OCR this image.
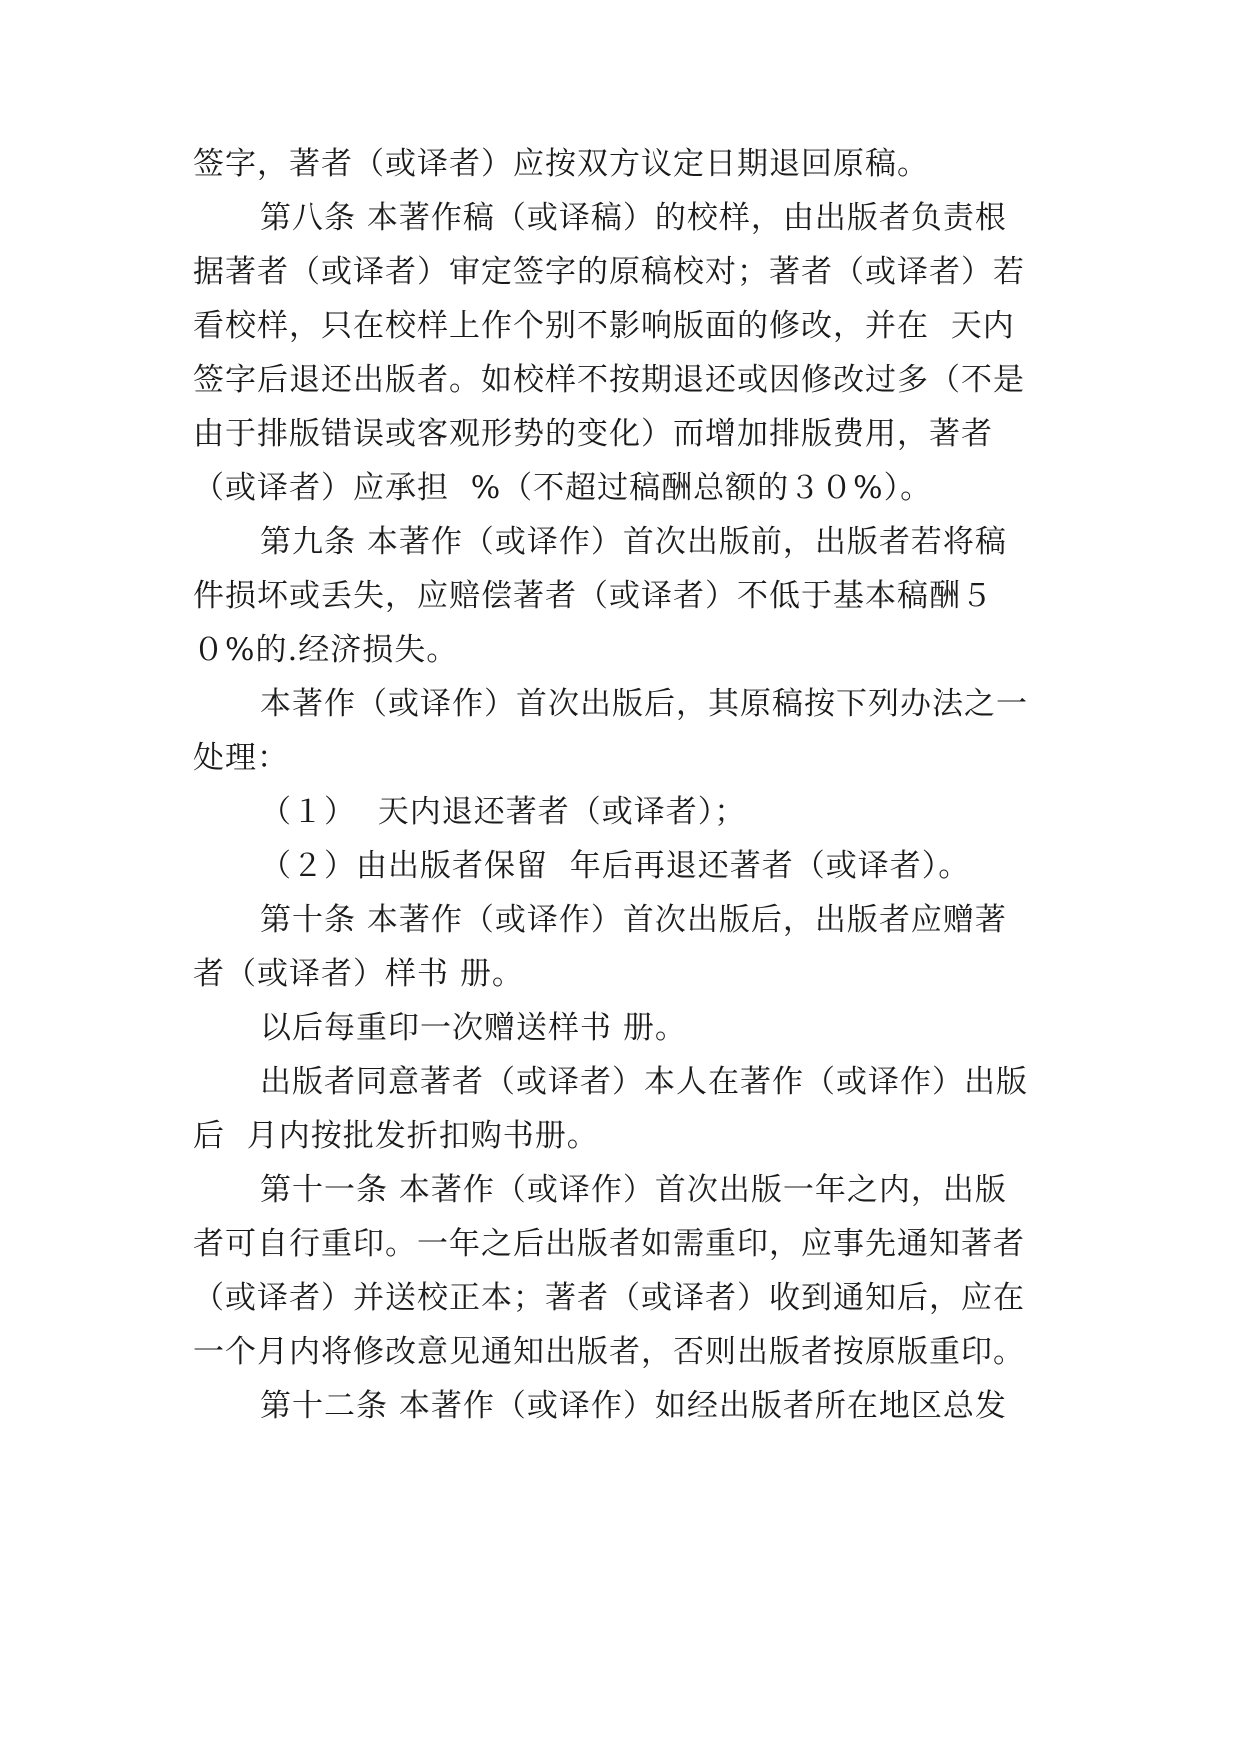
签字，著者（或译者）应按双方议定日期退回原稿。
第八条 本著作稿（或译稿）的校样，由出版者负责根
据著者（或译者）审定签字的原稿校对；著者（或译者）若
看校样，只在校样上作个别不影响版面的修改，并在  天内
签字后退还出版者。如校样不按期退还或因修改过多（不是
由于排版错误或客观形势的变化）而增加排版费用，著者
（或译者）应承担  %（不超过稿酬总额的３０%）。
第九条 本著作（或译作）首次出版前，出版者若将稿
件损坏或丢失，应赔偿著者（或译者）不低于基本稿酬５
０%的.经济损失。
本著作（或译作）首次出版后，其原稿按下列办法之一
处理：
（１）  天内退还著者（或译者）；
（２）由出版者保留  年后再退还著者（或译者）。
第十条 本著作（或译作）首次出版后，出版者应赠著
者（或译者）样书 册。
以后每重印一次赠送样书 册。
出版者同意著者（或译者）本人在著作（或译作）出版
后  月内按批发折扣购书册。
第十一条 本著作（或译作）首次出版一年之内，出版
者可自行重印。一年之后出版者如需重印，应事先通知著者
（或译者）并送校正本；著者（或译者）收到通知后，应在
一个月内将修改意见通知出版者，否则出版者按原版重印。
第十二条 本著作（或译作）如经出版者所在地区总发
